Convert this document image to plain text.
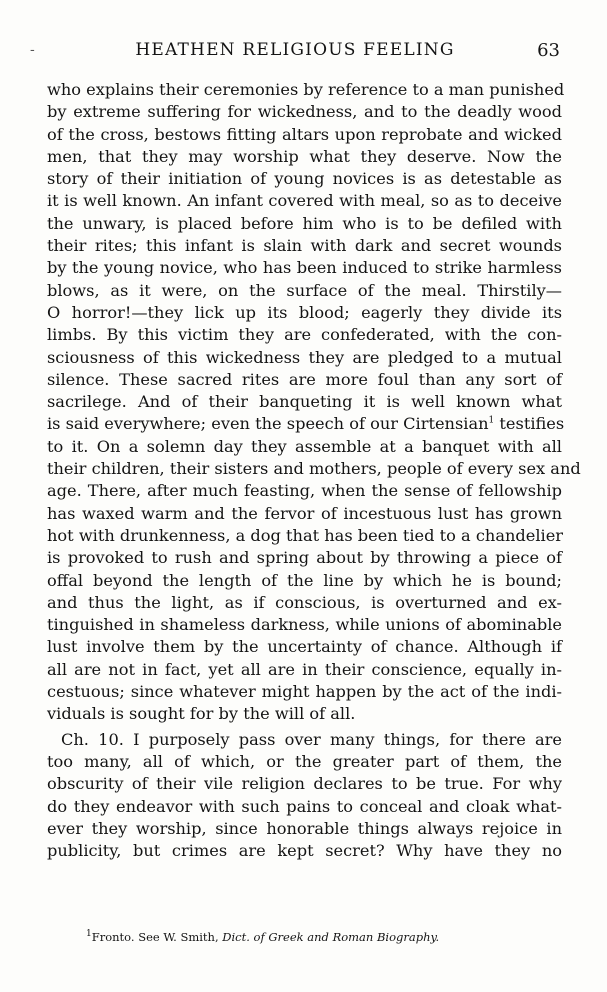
-	HEATHEN RELIGIOUS FEELING	63
who explains their ceremonies by reference to a man punished
by extreme suffering for wickedness, and to the deadly wood
of the cross, bestows fitting altars upon reprobate and wicked
men, that they may worship what they deserve. Now the
story of their initiation of young novices is as detestable as
it is well known. An infant covered with meal, so as to deceive
the unwary, is placed before him who is to be defiled with
their rites; this infant is slain with dark and secret wounds
by the young novice, who has been induced to strike harmless
blows, as it were, on the surface of the meal. Thirstily—
O horror!—they lick up its blood; eagerly they divide its
limbs. By this victim they are confederated, with the con-
sciousness of this wickedness they are pledged to a mutual
silence. These sacred rites are more foul than any sort of
sacrilege. And of their banqueting it is well known what
is said everywhere; even the speech of our Cirtensian$^1$ testifies
to it. On a solemn day they assemble at a banquet with all
their children, their sisters and mothers, people of every sex and
age. There, after much feasting, when the sense of fellowship
has waxed warm and the fervor of incestuous lust has grown
hot with drunkenness, a dog that has been tied to a chandelier
is provoked to rush and spring about by throwing a piece of
offal beyond the length of the line by which he is bound;
and thus the light, as if conscious, is overturned and ex-
tinguished in shameless darkness, while unions of abominable
lust involve them by the uncertainty of chance. Although if
all are not in fact, yet all are in their conscience, equally in-
cestuous; since whatever might happen by the act of the indi-
viduals is sought for by the will of all.
Ch. 10. I purposely pass over many things, for there are
too many, all of which, or the greater part of them, the
obscurity of their vile religion declares to be true. For why
do they endeavor with such pains to conceal and cloak what-
ever they worship, since honorable things always rejoice in
publicity, but crimes are kept secret? Why have they no
$^1$Fronto. See W. Smith, Dict. of Greek and Roman Biography.
